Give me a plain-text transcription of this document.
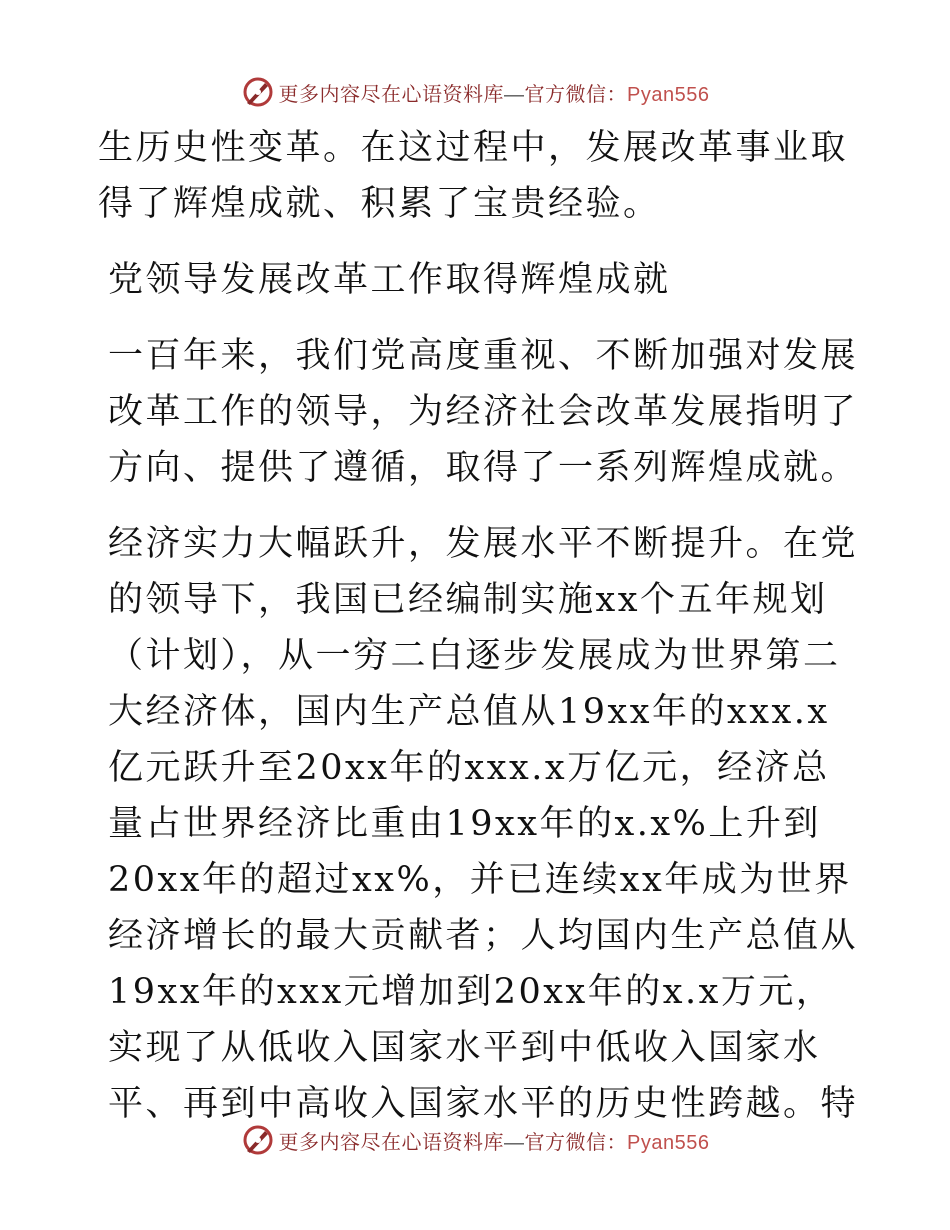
更多内容尽在心语资料库—官方微信：Pyan556

生历史性变革。在这过程中，发展改革事业取得了辉煌成就、积累了宝贵经验。

党领导发展改革工作取得辉煌成就

一百年来，我们党高度重视、不断加强对发展改革工作的领导，为经济社会改革发展指明了方向、提供了遵循，取得了一系列辉煌成就。

经济实力大幅跃升，发展水平不断提升。在党的领导下，我国已经编制实施xx个五年规划（计划），从一穷二白逐步发展成为世界第二大经济体，国内生产总值从19xx年的xxx.x亿元跃升至20xx年的xxx.x万亿元，经济总量占世界经济比重由19xx年的x.x%上升到20xx年的超过xx%，并已连续xx年成为世界经济增长的最大贡献者；人均国内生产总值从19xx年的xxx元增加到20xx年的x.x万元，实现了从低收入国家水平到中低收入国家水平、再到中高收入国家水平的历史性跨越。特

更多内容尽在心语资料库—官方微信：Pyan556
